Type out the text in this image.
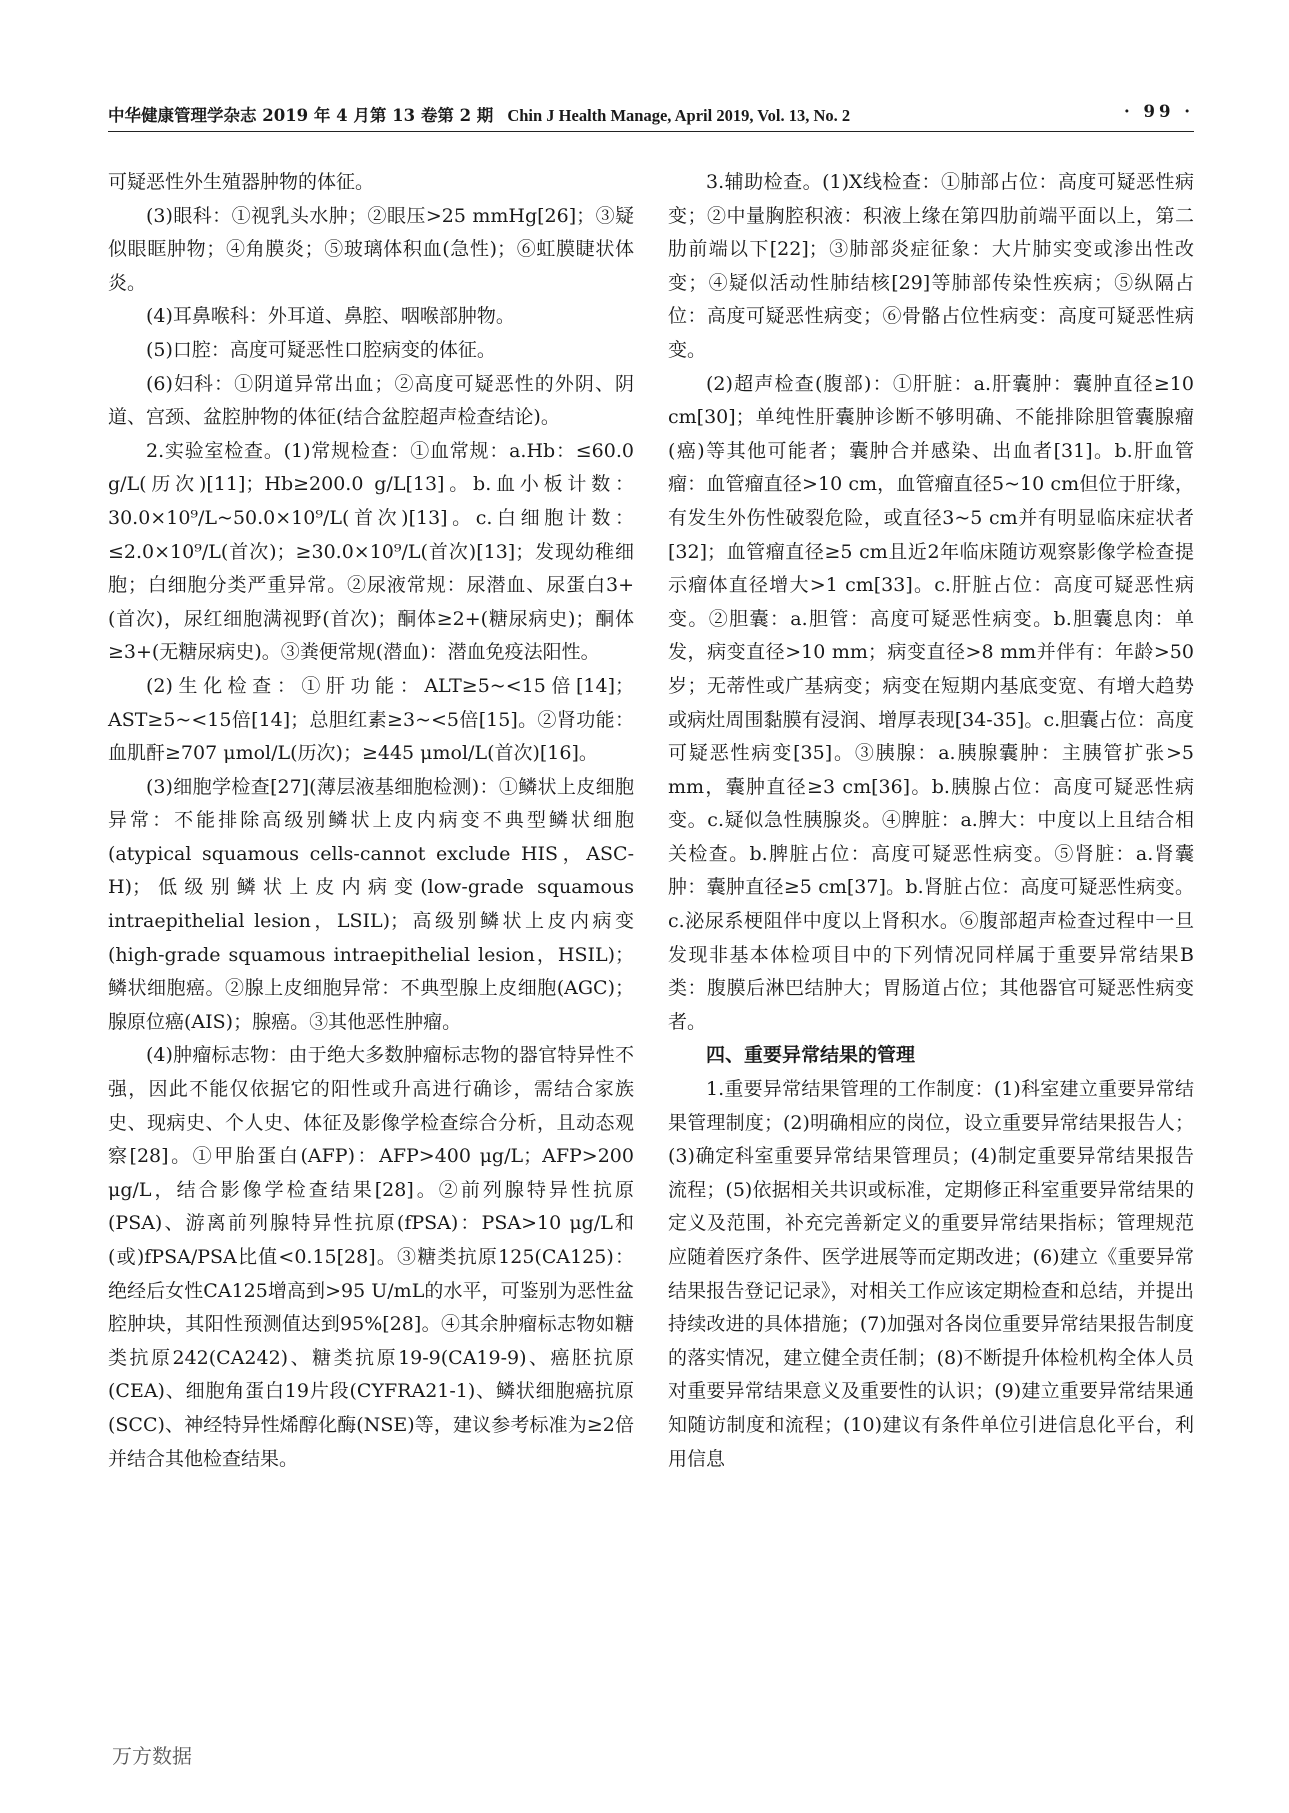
中华健康管理学杂志 2019 年 4 月第 13 卷第 2 期 Chin J Health Manage, April 2019, Vol. 13, No. 2	· 99 ·

可疑恶性外生殖器肿物的体征。

(3)眼科：①视乳头水肿；②眼压>25 mmHg[26]；③疑似眼眶肿物；④角膜炎；⑤玻璃体积血(急性)；⑥虹膜睫状体炎。

(4)耳鼻喉科：外耳道、鼻腔、咽喉部肿物。

(5)口腔：高度可疑恶性口腔病变的体征。

(6)妇科：①阴道异常出血；②高度可疑恶性的外阴、阴道、宫颈、盆腔肿物的体征(结合盆腔超声检查结论)。

2.实验室检查。(1)常规检查：①血常规：a.Hb：≤60.0 g/L(历次)[11]；Hb≥200.0 g/L[13]。b.血小板计数：30.0×10⁹/L~50.0×10⁹/L(首次)[13]。c.白细胞计数：≤2.0×10⁹/L(首次)；≥30.0×10⁹/L(首次)[13]；发现幼稚细胞；白细胞分类严重异常。②尿液常规：尿潜血、尿蛋白3+(首次)，尿红细胞满视野(首次)；酮体≥2+(糖尿病史)；酮体≥3+(无糖尿病史)。③粪便常规(潜血)：潜血免疫法阳性。

(2)生化检查：①肝功能：ALT≥5~<15倍[14]；AST≥5~<15倍[14]；总胆红素≥3~<5倍[15]。②肾功能：血肌酐≥707 μmol/L(历次)；≥445 μmol/L(首次)[16]。

(3)细胞学检查[27](薄层液基细胞检测)：①鳞状上皮细胞异常：不能排除高级别鳞状上皮内病变不典型鳞状细胞(atypical squamous cells-cannot exclude HIS，ASC-H)；低级别鳞状上皮内病变(low-grade squamous intraepithelial lesion，LSIL)；高级别鳞状上皮内病变(high-grade squamous intraepithelial lesion，HSIL)；鳞状细胞癌。②腺上皮细胞异常：不典型腺上皮细胞(AGC)；腺原位癌(AIS)；腺癌。③其他恶性肿瘤。

(4)肿瘤标志物：由于绝大多数肿瘤标志物的器官特异性不强，因此不能仅依据它的阳性或升高进行确诊，需结合家族史、现病史、个人史、体征及影像学检查综合分析，且动态观察[28]。①甲胎蛋白(AFP)：AFP>400 μg/L；AFP>200 μg/L，结合影像学检查结果[28]。②前列腺特异性抗原(PSA)、游离前列腺特异性抗原(fPSA)：PSA>10 μg/L和(或)fPSA/PSA比值<0.15[28]。③糖类抗原125(CA125)：绝经后女性CA125增高到>95 U/mL的水平，可鉴别为恶性盆腔肿块，其阳性预测值达到95%[28]。④其余肿瘤标志物如糖类抗原242(CA242)、糖类抗原19-9(CA19-9)、癌胚抗原(CEA)、细胞角蛋白19片段(CYFRA21-1)、鳞状细胞癌抗原(SCC)、神经特异性烯醇化酶(NSE)等，建议参考标准为≥2倍并结合其他检查结果。

3.辅助检查。(1)X线检查：①肺部占位：高度可疑恶性病变；②中量胸腔积液：积液上缘在第四肋前端平面以上，第二肋前端以下[22]；③肺部炎症征象：大片肺实变或渗出性改变；④疑似活动性肺结核[29]等肺部传染性疾病；⑤纵隔占位：高度可疑恶性病变；⑥骨骼占位性病变：高度可疑恶性病变。

(2)超声检查(腹部)：①肝脏：a.肝囊肿：囊肿直径≥10 cm[30]；单纯性肝囊肿诊断不够明确、不能排除胆管囊腺瘤(癌)等其他可能者；囊肿合并感染、出血者[31]。b.肝血管瘤：血管瘤直径>10 cm，血管瘤直径5~10 cm但位于肝缘，有发生外伤性破裂危险，或直径3~5 cm并有明显临床症状者[32]；血管瘤直径≥5 cm且近2年临床随访观察影像学检查提示瘤体直径增大>1 cm[33]。c.肝脏占位：高度可疑恶性病变。②胆囊：a.胆管：高度可疑恶性病变。b.胆囊息肉：单发，病变直径>10 mm；病变直径>8 mm并伴有：年龄>50岁；无蒂性或广基病变；病变在短期内基底变宽、有增大趋势或病灶周围黏膜有浸润、增厚表现[34-35]。c.胆囊占位：高度可疑恶性病变[35]。③胰腺：a.胰腺囊肿：主胰管扩张>5 mm，囊肿直径≥3 cm[36]。b.胰腺占位：高度可疑恶性病变。c.疑似急性胰腺炎。④脾脏：a.脾大：中度以上且结合相关检查。b.脾脏占位：高度可疑恶性病变。⑤肾脏：a.肾囊肿：囊肿直径≥5 cm[37]。b.肾脏占位：高度可疑恶性病变。c.泌尿系梗阻伴中度以上肾积水。⑥腹部超声检查过程中一旦发现非基本体检项目中的下列情况同样属于重要异常结果B类：腹膜后淋巴结肿大；胃肠道占位；其他器官可疑恶性病变者。

四、重要异常结果的管理

1.重要异常结果管理的工作制度：(1)科室建立重要异常结果管理制度；(2)明确相应的岗位，设立重要异常结果报告人；(3)确定科室重要异常结果管理员；(4)制定重要异常结果报告流程；(5)依据相关共识或标准，定期修正科室重要异常结果的定义及范围，补充完善新定义的重要异常结果指标；管理规范应随着医疗条件、医学进展等而定期改进；(6)建立《重要异常结果报告登记记录》，对相关工作应该定期检查和总结，并提出持续改进的具体措施；(7)加强对各岗位重要异常结果报告制度的落实情况，建立健全责任制；(8)不断提升体检机构全体人员对重要异常结果意义及重要性的认识；(9)建立重要异常结果通知随访制度和流程；(10)建议有条件单位引进信息化平台，利用信息

万方数据
